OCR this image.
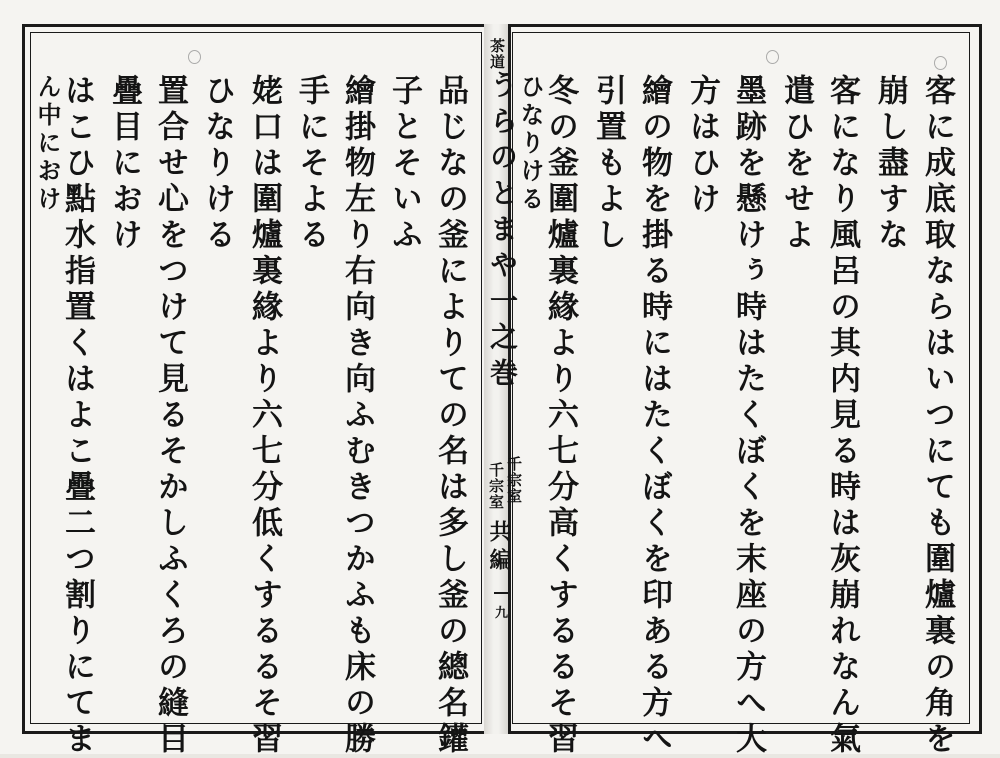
茶道
うらのとまや一之巻
千宗室
千宗室
共編
九	客に成底取ならはいつにても圍爐裏の角を
崩し盡すな
客になり風呂の其内見る時は灰崩れなん氣
遣ひをせよ
墨跡を懸けぅ時はたくぼくを末座の方へ大
方はひけ
繪の物を掛る時にはたくぼくを印ある方へ
引置もよし
冬の釜圍爐裏緣より六七分高くするるそ習
ひなりける
品じなの釜によりての名は多し釜の總名鑵
子とそいふ
繪掛物左り右向き向ふむきつかふも床の勝
手にそよる
姥口は圍爐裏緣より六七分低くするるそ習
ひなりける
置合せ心をつけて見るそかしふくろの縫目
疊目におけ
はこひ點水指置くはよこ疊二つ割りにてま
ん中におけ
